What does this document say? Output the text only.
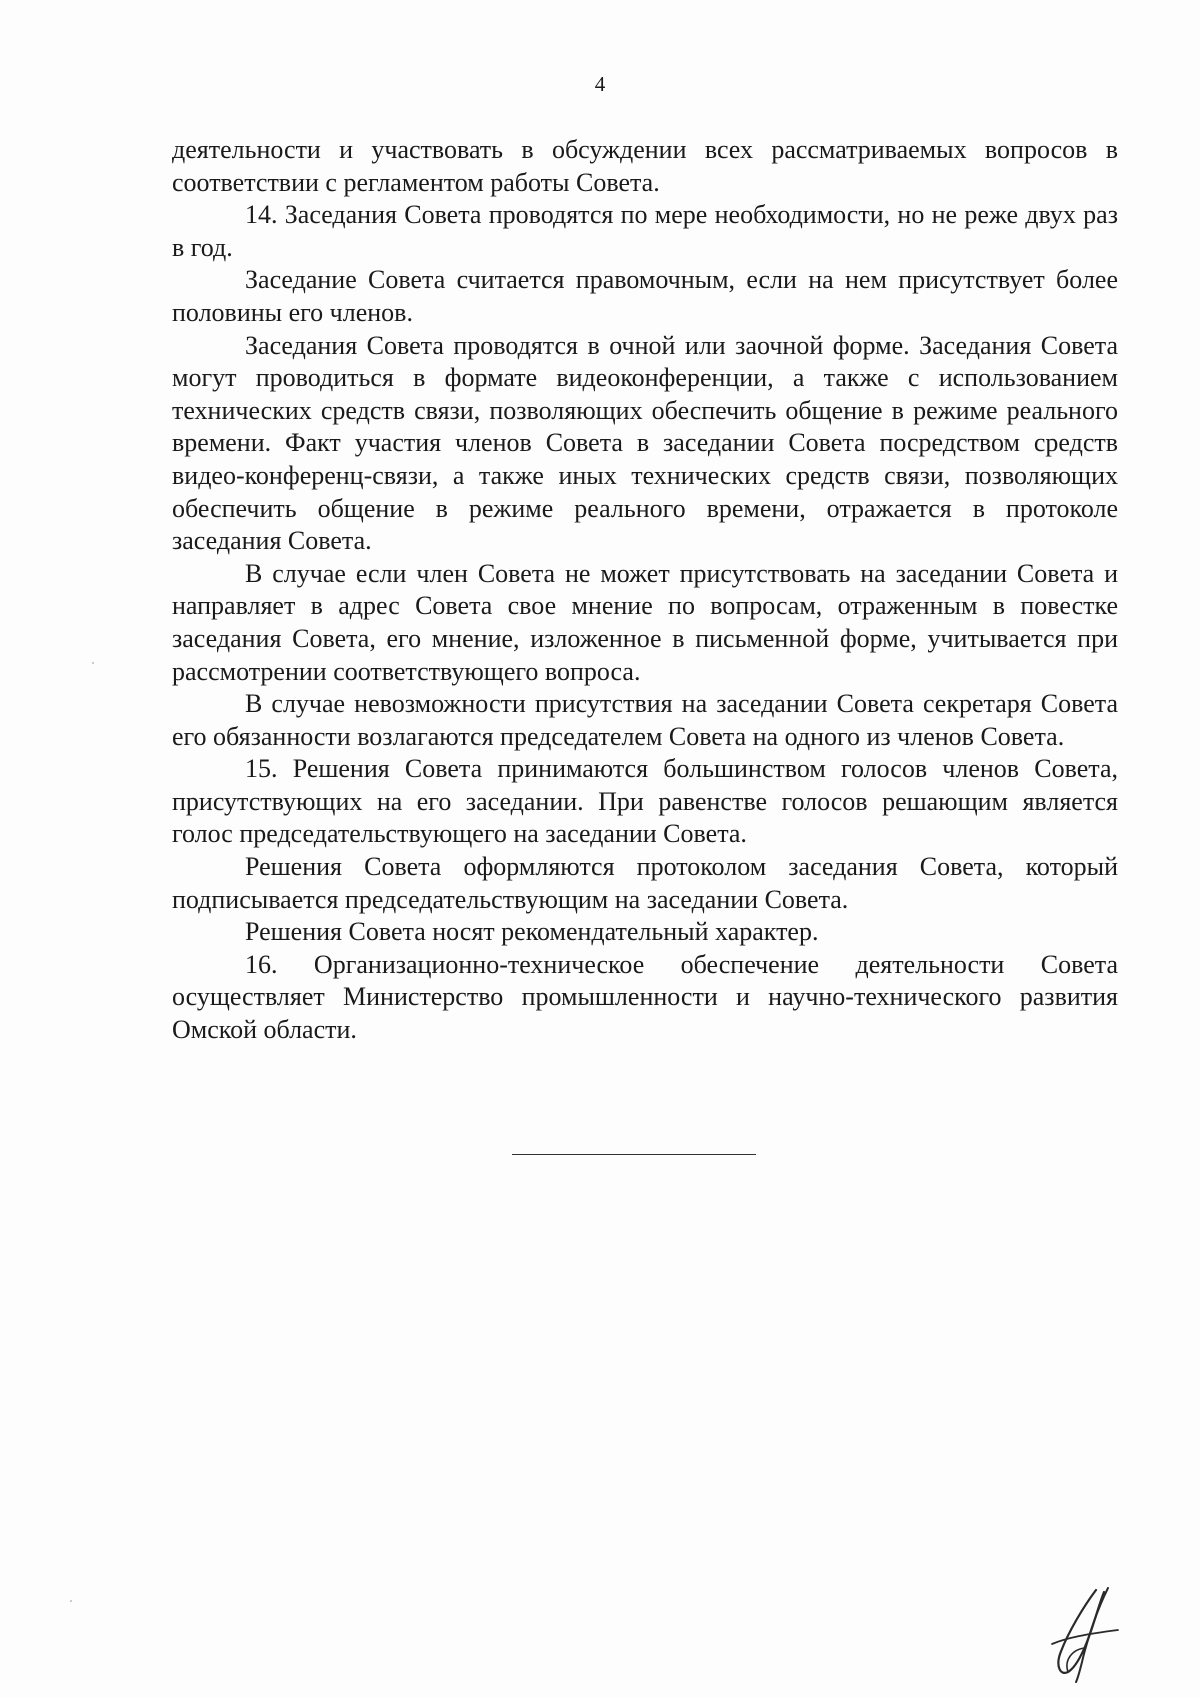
4

деятельности и участвовать в обсуждении всех рассматриваемых вопросов в соответствии с регламентом работы Совета.

14. Заседания Совета проводятся по мере необходимости, но не реже двух раз в год.

Заседание Совета считается правомочным, если на нем присутствует более половины его членов.

Заседания Совета проводятся в очной или заочной форме. Заседания Совета могут проводиться в формате видеоконференции, а также с использованием технических средств связи, позволяющих обеспечить общение в режиме реального времени. Факт участия членов Совета в заседании Совета посредством средств видео-конференц-связи, а также иных технических средств связи, позволяющих обеспечить общение в режиме реального времени, отражается в протоколе заседания Совета.

В случае если член Совета не может присутствовать на заседании Совета и направляет в адрес Совета свое мнение по вопросам, отраженным в повестке заседания Совета, его мнение, изложенное в письменной форме, учитывается при рассмотрении соответствующего вопроса.

В случае невозможности присутствия на заседании Совета секретаря Совета его обязанности возлагаются председателем Совета на одного из членов Совета.

15. Решения Совета принимаются большинством голосов членов Совета, присутствующих на его заседании. При равенстве голосов решающим является голос председательствующего на заседании Совета.

Решения Совета оформляются протоколом заседания Совета, который подписывается председательствующим на заседании Совета.

Решения Совета носят рекомендательный характер.

16. Организационно-техническое обеспечение деятельности Совета осуществляет Министерство промышленности и научно-технического развития Омской области.
